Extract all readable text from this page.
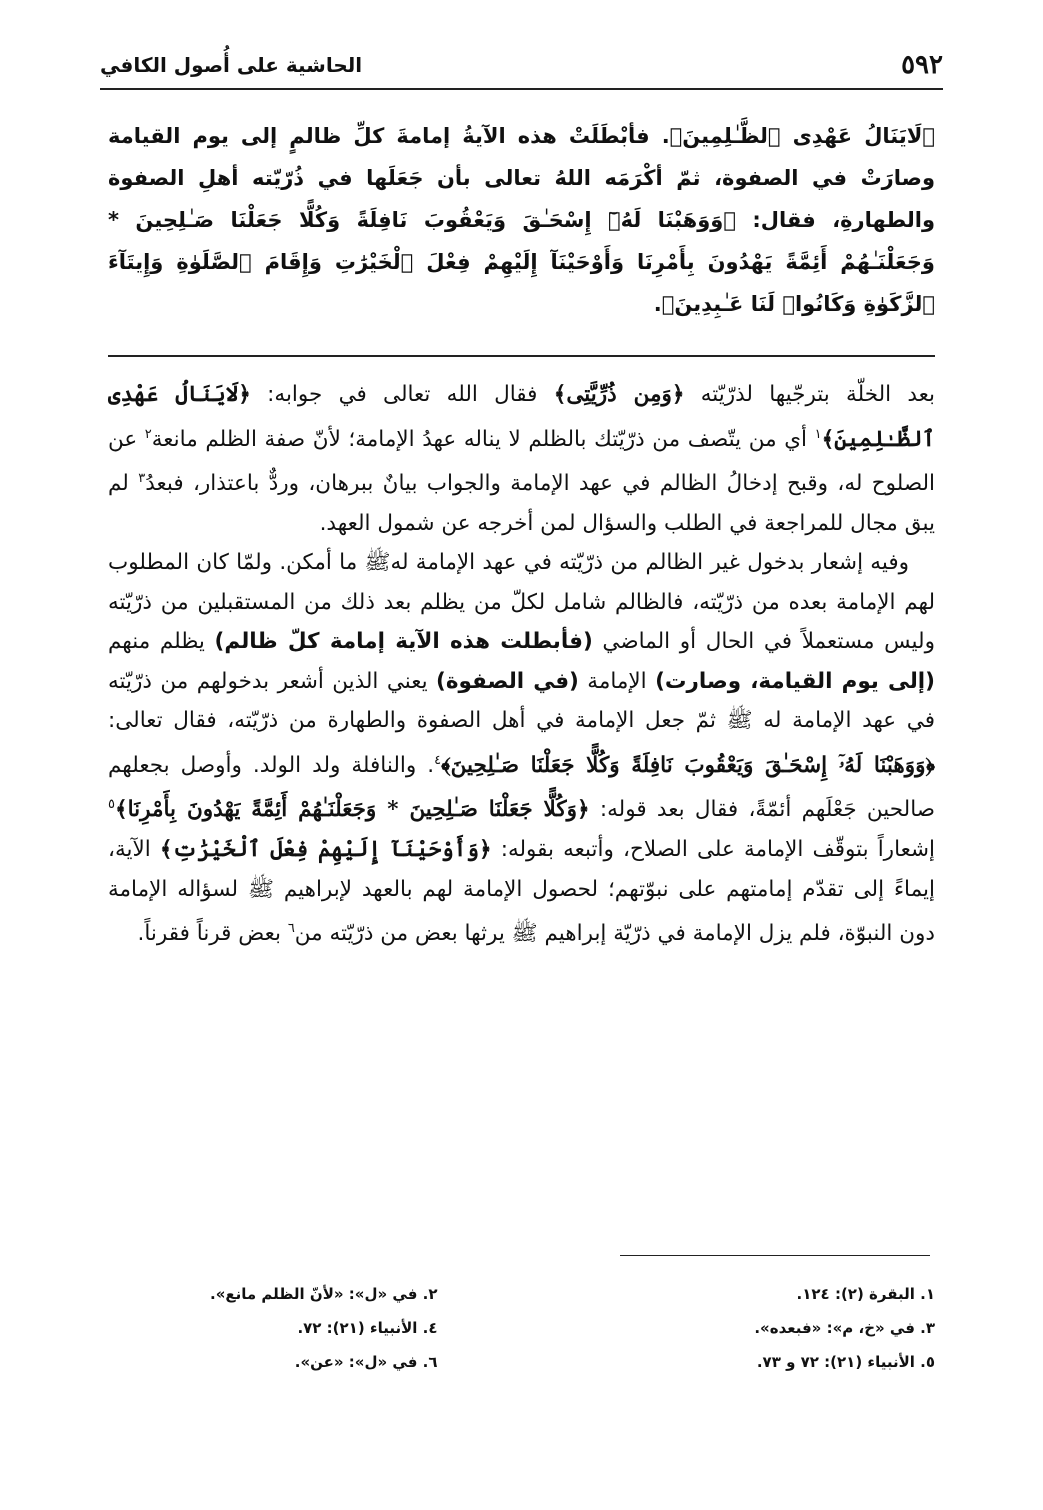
٥٩٢
الحاشية على أُصول الكافي

﴿لَايَنَالُ عَهْدِى ٱلظَّـٰلِمِينَ﴾. فأبْطَلَتْ هذه الآيةُ إمامةَ كلِّ ظالمٍ إلى يوم القيامة وصارَتْ في الصفوة، ثمّ أكْرَمَه اللهُ تعالى بأن جَعَلَها في ذُرّيّته أهلِ الصفوة والطهارةِ، فقال: ﴿وَوَهَبْنَا لَهُۥٓ إِسْحَـٰقَ وَيَعْقُوبَ نَافِلَةً وَكُلًّا جَعَلْنَا صَـٰلِحِينَ * وَجَعَلْنَـٰهُمْ أَئِمَّةً يَهْدُونَ بِأَمْرِنَا وَأَوْحَيْنَآ إِلَيْهِمْ فِعْلَ ٱلْخَيْرَٰتِ وَإِقَامَ ٱلصَّلَوٰةِ وَإِيتَآءَ ٱلزَّكَوٰةِ وَكَانُوا۟ لَنَا عَـٰبِدِينَ﴾.

بعد الخلّة بترجّيها لذرّيّته ﴿وَمِن ذُرِّيَّتِى﴾ فقال الله تعالى في جوابه: ﴿لَايَنَالُ عَهْدِى ٱلظَّـٰلِمِينَ﴾$^١$ أي من يتّصف من ذرّيّتك بالظلم لا يناله عهدُ الإمامة؛ لأنّ صفة الظلم مانعة$^٢$ عن الصلوح له، وقبح إدخالُ الظالم في عهد الإمامة والجواب بيانٌ ببرهان، وردٌّ باعتذار، فبعدُ$^٣$ لم يبق مجال للمراجعة في الطلب والسؤال لمن أخرجه عن شمول العهد.

وفيه إشعار بدخول غير الظالم من ذرّيّته في عهد الإمامة لهﷺ ما أمكن. ولمّا كان المطلوب لهم الإمامة بعده من ذرّيّته، فالظالم شامل لكلّ من يظلم بعد ذلك من المستقبلين من ذرّيّته وليس مستعملاً في الحال أو الماضي (فأبطلت هذه الآية إمامة كلّ ظالم) يظلم منهم (إلى يوم القيامة، وصارت) الإمامة (في الصفوة) يعني الذين أشعر بدخولهم من ذرّيّته في عهد الإمامة له ﷺ ثمّ جعل الإمامة في أهل الصفوة والطهارة من ذرّيّته، فقال تعالى: ﴿وَوَهَبْنَا لَهُۥٓ إِسْحَـٰقَ وَيَعْقُوبَ نَافِلَةً وَكُلًّا جَعَلْنَا صَـٰلِحِينَ﴾$^٤$. والنافلة ولد الولد. وأوصل بجعلهم صالحين جَعْلَهم أئمّةً، فقال بعد قوله: ﴿وَكُلًّا جَعَلْنَا صَـٰلِحِينَ * وَجَعَلْنَـٰهُمْ أَئِمَّةً يَهْدُونَ بِأَمْرِنَا﴾$^٥$ إشعاراً بتوقّف الإمامة على الصلاح، وأتبعه بقوله: ﴿وَأَوْحَيْنَآ إِلَيْهِمْ فِعْلَ ٱلْخَيْرَٰتِ﴾ الآية، إيماءً إلى تقدّم إمامتهم على نبوّتهم؛ لحصول الإمامة لهم بالعهد لإبراهيم ﷺ لسؤاله الإمامة دون النبوّة، فلم يزل الإمامة في ذرّيّة إبراهيم ﷺ يرثها بعض من ذرّيّته من$^٦$ بعض قرناً فقرناً.

١. البقرة (٢): ١٢٤.
٢. في «ل»: «لأنّ الظلم مانع».
٣. في «خ، م»: «فبعده».
٤. الأنبياء (٢١): ٧٢.
٥. الأنبياء (٢١): ٧٢ و ٧٣.
٦. في «ل»: «عن».
